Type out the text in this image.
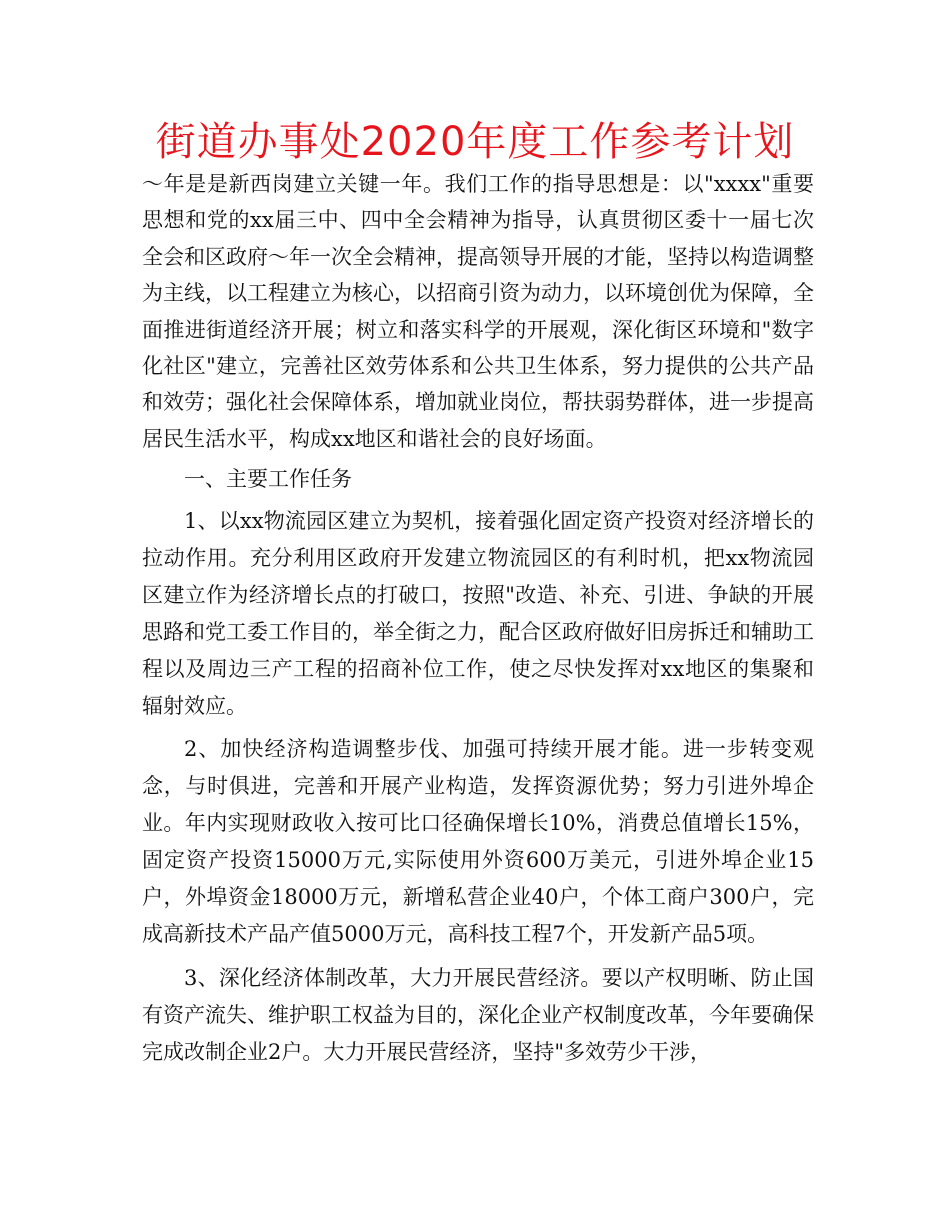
街道办事处2020年度工作参考计划

～年是是新西岗建立关键一年。我们工作的指导思想是：以"xxxx"重要思想和党的xx届三中、四中全会精神为指导，认真贯彻区委十一届七次全会和区政府～年一次全会精神，提高领导开展的才能，坚持以构造调整为主线，以工程建立为核心，以招商引资为动力，以环境创优为保障，全面推进街道经济开展；树立和落实科学的开展观，深化街区环境和"数字化社区"建立，完善社区效劳体系和公共卫生体系，努力提供的公共产品和效劳；强化社会保障体系，增加就业岗位，帮扶弱势群体，进一步提高居民生活水平，构成xx地区和谐社会的良好场面。

一、主要工作任务

1、以xx物流园区建立为契机，接着强化固定资产投资对经济增长的拉动作用。充分利用区政府开发建立物流园区的有利时机，把xx物流园区建立作为经济增长点的打破口，按照"改造、补充、引进、争缺的开展思路和党工委工作目的，举全街之力，配合区政府做好旧房拆迁和辅助工程以及周边三产工程的招商补位工作，使之尽快发挥对xx地区的集聚和辐射效应。

2、加快经济构造调整步伐、加强可持续开展才能。进一步转变观念，与时俱进，完善和开展产业构造，发挥资源优势；努力引进外埠企业。年内实现财政收入按可比口径确保增长10%，消费总值增长15%，固定资产投资15000万元,实际使用外资600万美元，引进外埠企业15户，外埠资金18000万元，新增私营企业40户，个体工商户300户，完成高新技术产品产值5000万元，高科技工程7个，开发新产品5项。

3、深化经济体制改革，大力开展民营经济。要以产权明晰、防止国有资产流失、维护职工权益为目的，深化企业产权制度改革，今年要确保完成改制企业2户。大力开展民营经济，坚持"多效劳少干涉，
